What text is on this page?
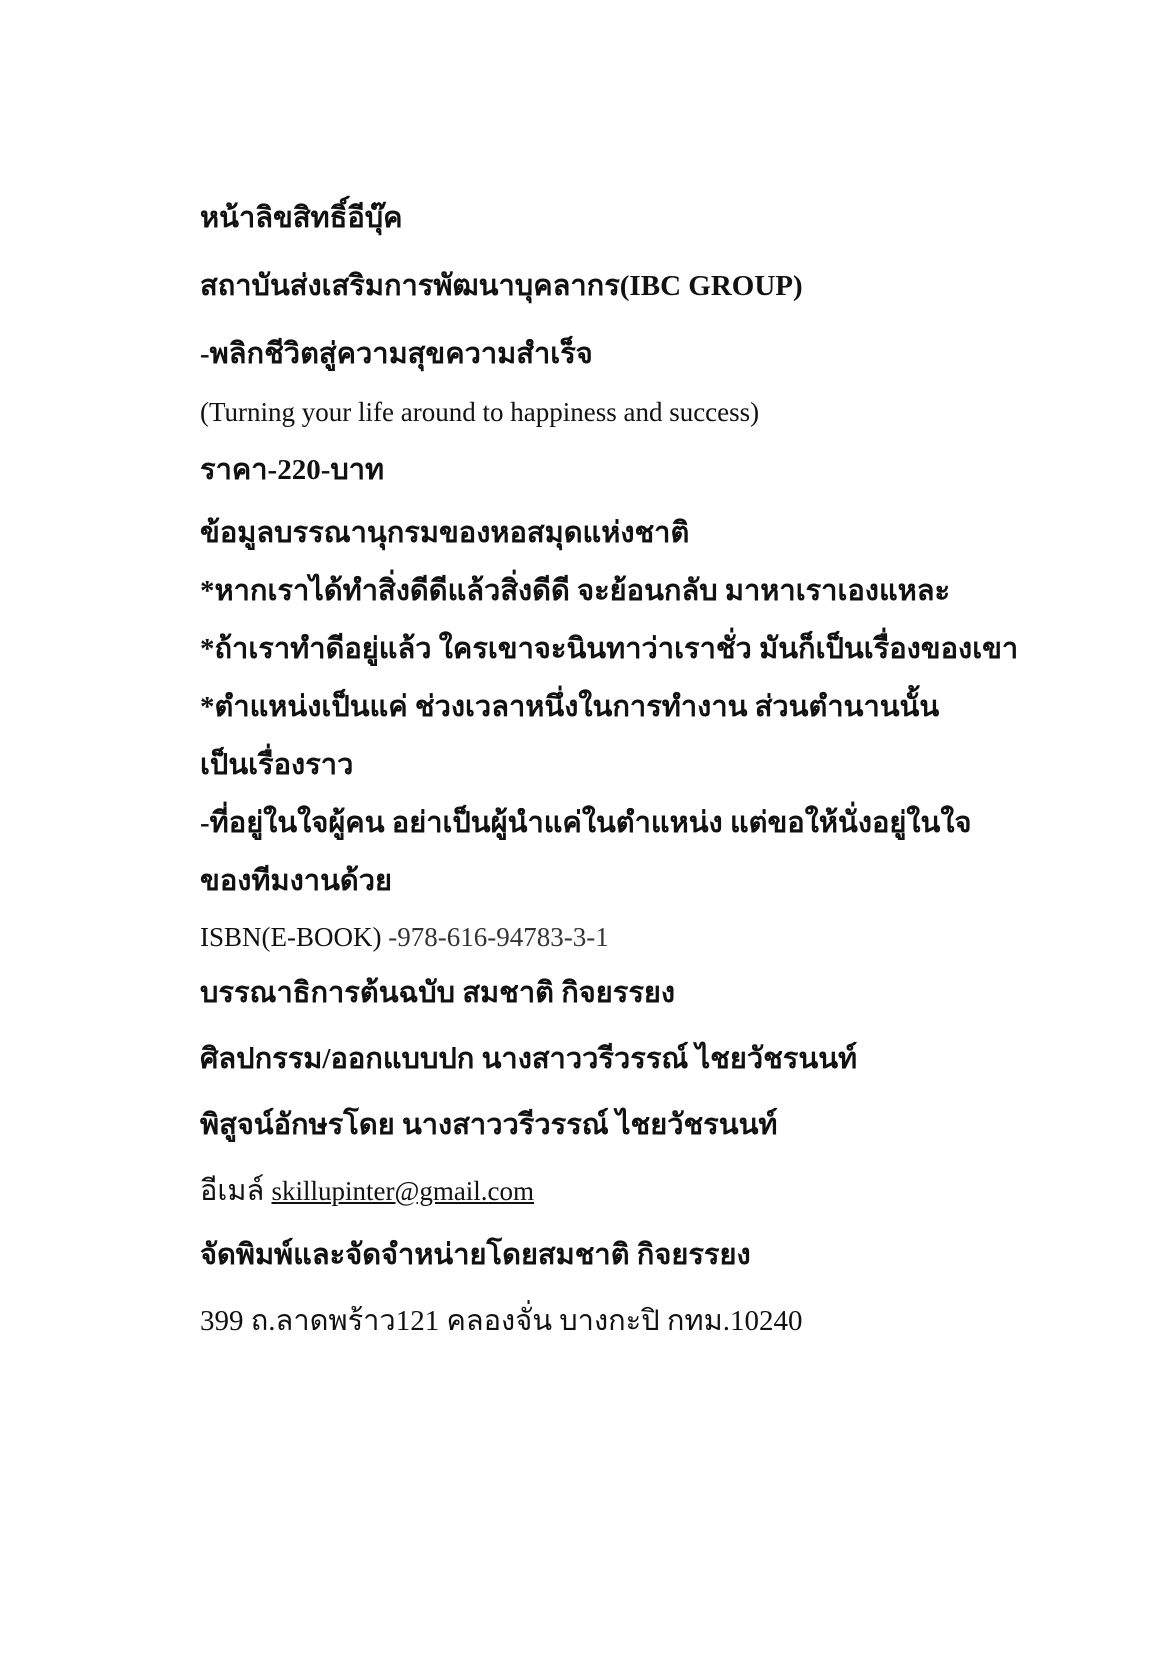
หน้าลิขสิทธิ์อีบุ๊ค
สถาบันส่งเสริมการพัฒนาบุคลากร(IBC GROUP)
-พลิกชีวิตสู่ความสุขความสำเร็จ
(Turning your life around to happiness and success)
ราคา-220-บาท
ข้อมูลบรรณานุกรมของหอสมุดแห่งชาติ
*หากเราได้ทำสิ่งดีดีแล้วสิ่งดีดี จะย้อนกลับ มาหาเราเองแหละ
*ถ้าเราทำดีอยู่แล้ว ใครเขาจะนินทาว่าเราชั่ว มันก็เป็นเรื่องของเขา
*ตำแหน่งเป็นแค่ ช่วงเวลาหนึ่งในการทำงาน ส่วนตำนานนั้น
เป็นเรื่องราว
-ที่อยู่ในใจผู้คน อย่าเป็นผู้นำแค่ในตำแหน่ง แต่ขอให้นั่งอยู่ในใจ
ของทีมงานด้วย
ISBN(E-BOOK) -978-616-94783-3-1
บรรณาธิการต้นฉบับ สมชาติ กิจยรรยง
ศิลปกรรม/ออกแบบปก นางสาววรีวรรณ์ ไชยวัชรนนท์
พิสูจน์อักษรโดย นางสาววรีวรรณ์ ไชยวัชรนนท์
อีเมล์ skillupinter@gmail.com
จัดพิมพ์และจัดจำหน่ายโดยสมชาติ กิจยรรยง
399 ถ.ลาดพร้าว121 คลองจั่น บางกะปิ กทม.10240
